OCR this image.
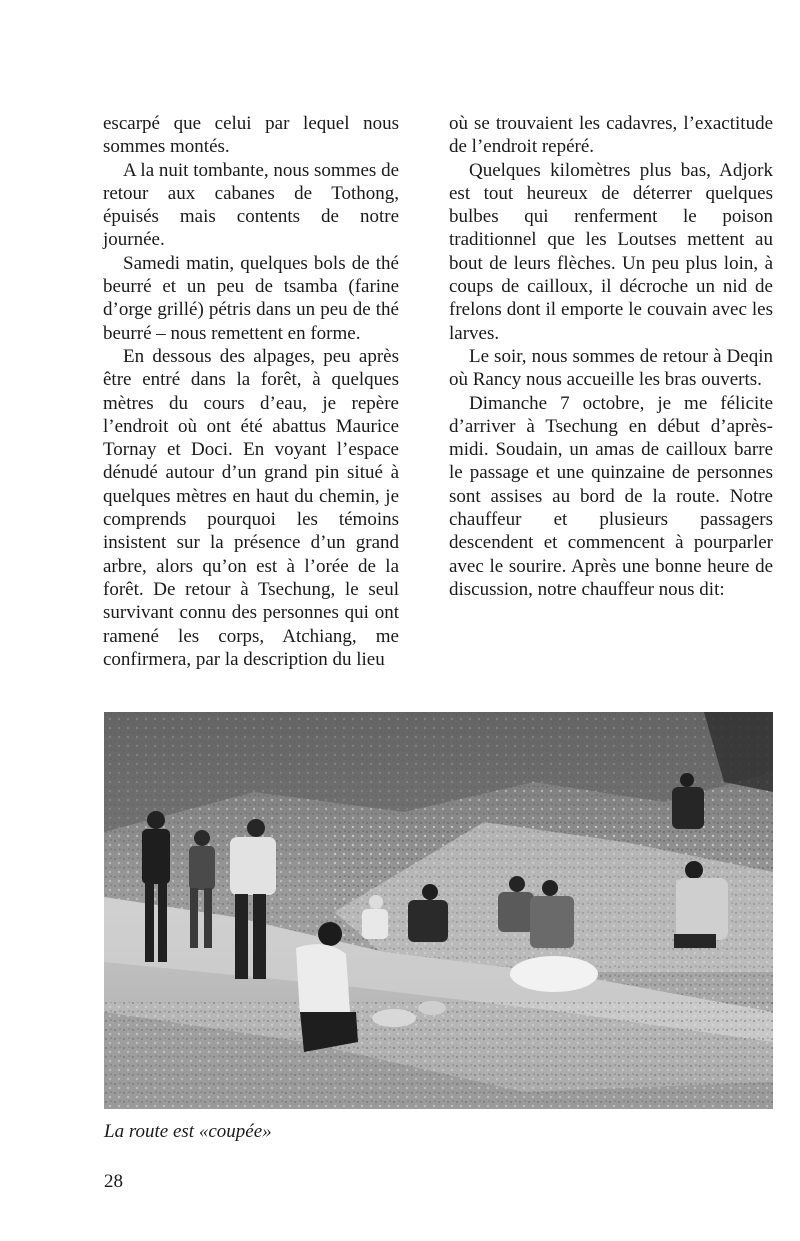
escarpé que celui par lequel nous sommes montés.

A la nuit tombante, nous sommes de retour aux cabanes de Tothong, épuisés mais contents de notre journée.

Samedi matin, quelques bols de thé beurré et un peu de tsamba (farine d’orge grillé) pétris dans un peu de thé beurré – nous remettent en forme.

En dessous des alpages, peu après être entré dans la forêt, à quelques mètres du cours d’eau, je repère l’endroit où ont été abattus Maurice Tornay et Doci. En voyant l’espace dénudé autour d’un grand pin situé à quelques mètres en haut du chemin, je comprends pourquoi les témoins insistent sur la présence d’un grand arbre, alors qu’on est à l’orée de la forêt. De retour à Tsechung, le seul survivant connu des personnes qui ont ramené les corps, Atchiang, me confirmera, par la description du lieu

où se trouvaient les cadavres, l’exactitude de l’endroit repéré.

Quelques kilomètres plus bas, Adjork est tout heureux de déterrer quelques bulbes qui renferment le poison traditionnel que les Loutses mettent au bout de leurs flèches. Un peu plus loin, à coups de cailloux, il décroche un nid de frelons dont il emporte le couvain avec les larves.

Le soir, nous sommes de retour à Deqin où Rancy nous accueille les bras ouverts.

Dimanche 7 octobre, je me félicite d’arriver à Tsechung en début d’après-midi. Soudain, un amas de cailloux barre le passage et une quinzaine de personnes sont assises au bord de la route. Notre chauffeur et plusieurs passagers descendent et commencent à pourparler avec le sourire. Après une bonne heure de discussion, notre chauffeur nous dit:

La route est «coupée»
28
